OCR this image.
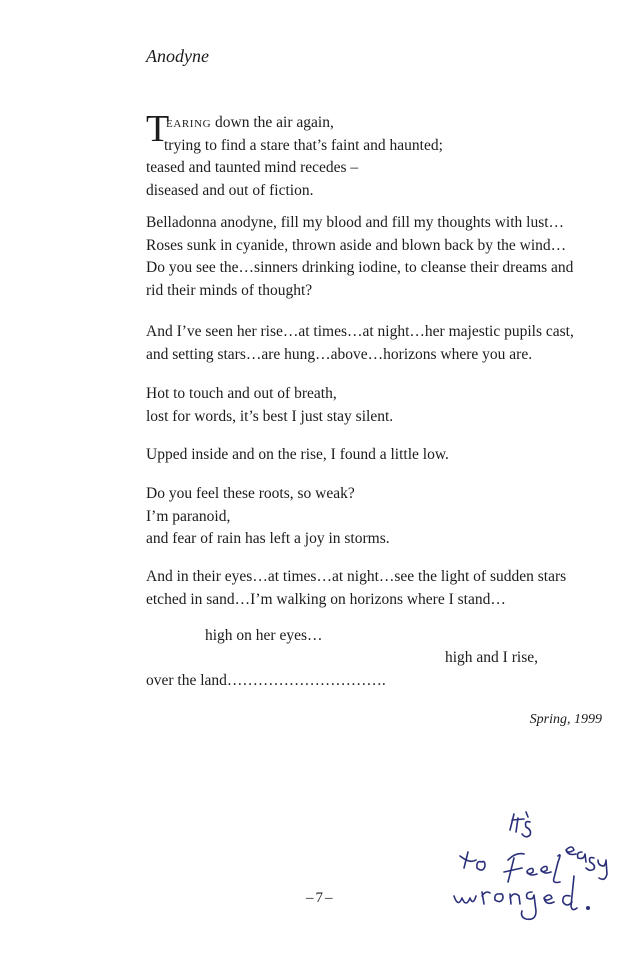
Anodyne
T
earing down the air again,
trying to find a stare that’s faint and haunted;
teased and taunted mind recedes –
diseased and out of fiction.
Belladonna anodyne, fill my blood and fill my thoughts with lust…
Roses sunk in cyanide, thrown aside and blown back by the wind…
Do you see the…sinners drinking iodine, to cleanse their dreams and
rid their minds of thought?
And I’ve seen her rise…at times…at night…her majestic pupils cast,
and setting stars…are hung…above…horizons where you are.
Hot to touch and out of breath,
lost for words, it’s best I just stay silent.
Upped inside and on the rise, I found a little low.
Do you feel these roots, so weak?
I’m paranoid,
and fear of rain has left a joy in storms.
And in their eyes…at times…at night…see the light of sudden stars
etched in sand…I’m walking on horizons where I stand…
high on her eyes…
high and I rise,
over the land………………………….
Spring, 1999
–7–
